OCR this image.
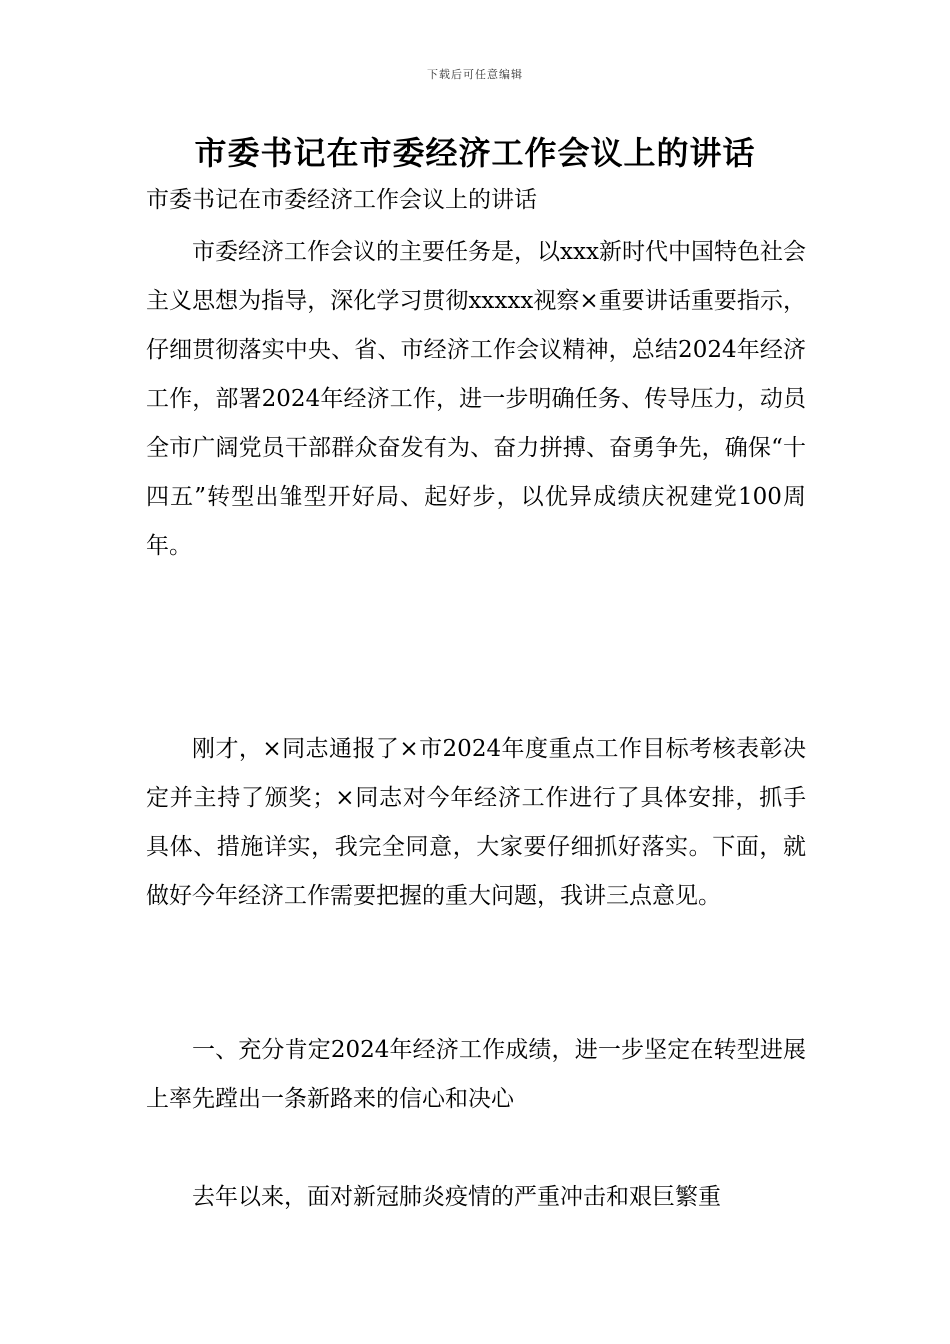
下载后可任意编辑
市委书记在市委经济工作会议上的讲话
市委书记在市委经济工作会议上的讲话

市委经济工作会议的主要任务是，以xxx新时代中国特色社会主义思想为指导，深化学习贯彻xxxxx视察×重要讲话重要指示，仔细贯彻落实中央、省、市经济工作会议精神，总结2024年经济工作，部署2024年经济工作，进一步明确任务、传导压力，动员全市广阔党员干部群众奋发有为、奋力拼搏、奋勇争先，确保“十四五”转型出雏型开好局、起好步，以优异成绩庆祝建党100周年。

刚才，×同志通报了×市2024年度重点工作目标考核表彰决定并主持了颁奖；×同志对今年经济工作进行了具体安排，抓手具体、措施详实，我完全同意，大家要仔细抓好落实。下面，就做好今年经济工作需要把握的重大问题，我讲三点意见。

一、充分肯定2024年经济工作成绩，进一步坚定在转型进展上率先蹚出一条新路来的信心和决心

去年以来，面对新冠肺炎疫情的严重冲击和艰巨繁重
